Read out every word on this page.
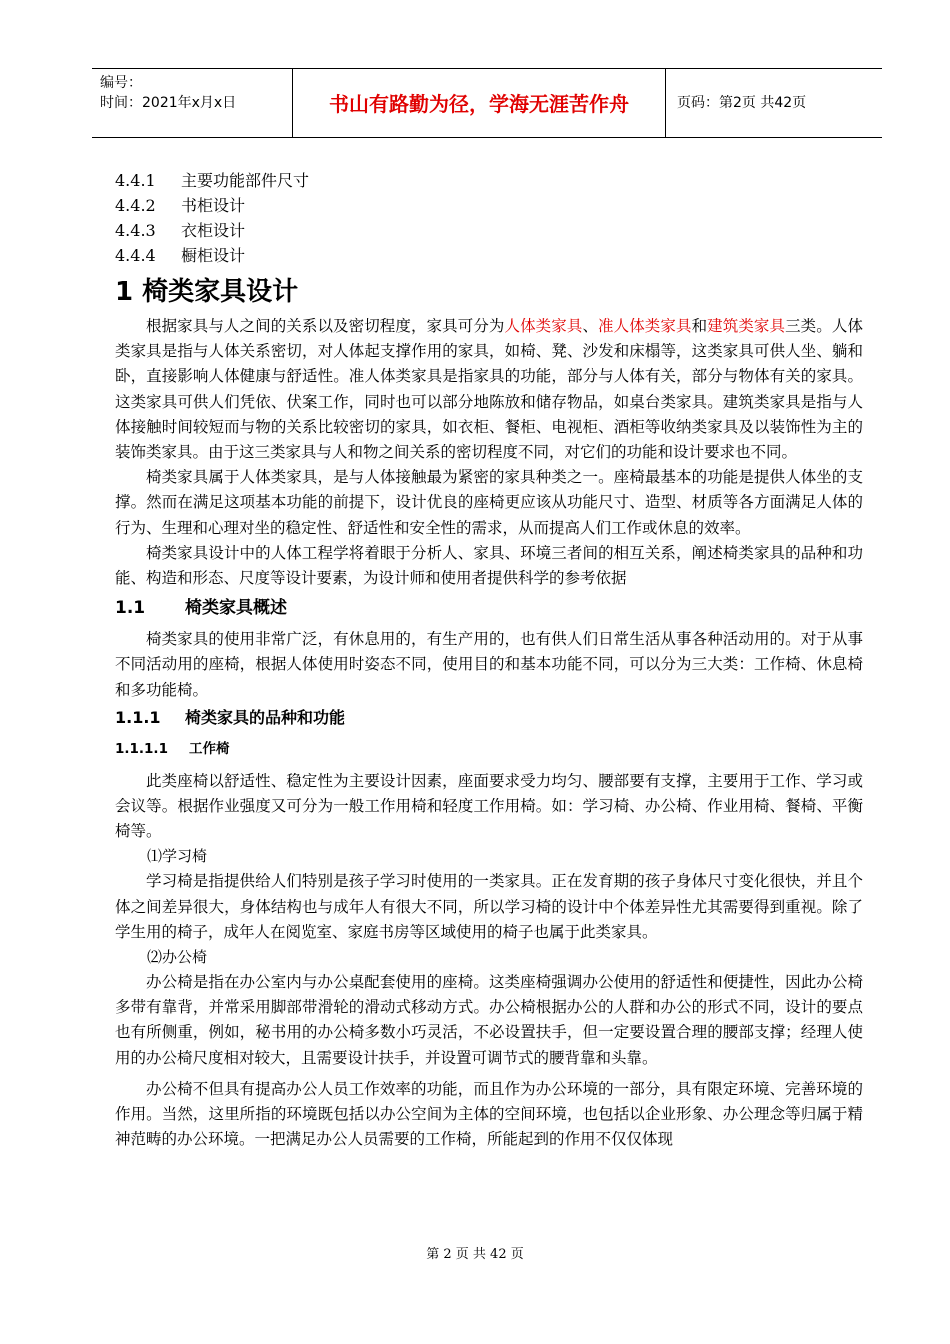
编号：
时间：2021年x月x日	书山有路勤为径，学海无涯苦作舟	页码：第2页 共42页
4.4.1 主要功能部件尺寸
4.4.2 书柜设计
4.4.3 衣柜设计
4.4.4 橱柜设计
1 椅类家具设计

根据家具与人之间的关系以及密切程度，家具可分为人体类家具、准人体类家具和建筑类家具三类。人体类家具是指与人体关系密切，对人体起支撑作用的家具，如椅、凳、沙发和床榻等，这类家具可供人坐、躺和卧，直接影响人体健康与舒适性。准人体类家具是指家具的功能，部分与人体有关，部分与物体有关的家具。这类家具可供人们凭依、伏案工作，同时也可以部分地陈放和储存物品，如桌台类家具。建筑类家具是指与人体接触时间较短而与物的关系比较密切的家具，如衣柜、餐柜、电视柜、酒柜等收纳类家具及以装饰性为主的装饰类家具。由于这三类家具与人和物之间关系的密切程度不同，对它们的功能和设计要求也不同。

椅类家具属于人体类家具，是与人体接触最为紧密的家具种类之一。座椅最基本的功能是提供人体坐的支撑。然而在满足这项基本功能的前提下，设计优良的座椅更应该从功能尺寸、造型、材质等各方面满足人体的行为、生理和心理对坐的稳定性、舒适性和安全性的需求，从而提高人们工作或休息的效率。

椅类家具设计中的人体工程学将着眼于分析人、家具、环境三者间的相互关系，阐述椅类家具的品种和功能、构造和形态、尺度等设计要素，为设计师和使用者提供科学的参考依据

1.1 椅类家具概述

椅类家具的使用非常广泛，有休息用的，有生产用的，也有供人们日常生活从事各种活动用的。对于从事不同活动用的座椅，根据人体使用时姿态不同，使用目的和基本功能不同，可以分为三大类：工作椅、休息椅和多功能椅。

1.1.1 椅类家具的品种和功能
1.1.1.1 工作椅

此类座椅以舒适性、稳定性为主要设计因素，座面要求受力均匀、腰部要有支撑，主要用于工作、学习或会议等。根据作业强度又可分为一般工作用椅和轻度工作用椅。如：学习椅、办公椅、作业用椅、餐椅、平衡椅等。

⑴学习椅

学习椅是指提供给人们特别是孩子学习时使用的一类家具。正在发育期的孩子身体尺寸变化很快，并且个体之间差异很大，身体结构也与成年人有很大不同，所以学习椅的设计中个体差异性尤其需要得到重视。除了学生用的椅子，成年人在阅览室、家庭书房等区域使用的椅子也属于此类家具。

⑵办公椅

办公椅是指在办公室内与办公桌配套使用的座椅。这类座椅强调办公使用的舒适性和便捷性，因此办公椅多带有靠背，并常采用脚部带滑轮的滑动式移动方式。办公椅根据办公的人群和办公的形式不同，设计的要点也有所侧重，例如，秘书用的办公椅多数小巧灵活，不必设置扶手，但一定要设置合理的腰部支撑；经理人使用的办公椅尺度相对较大，且需要设计扶手，并设置可调节式的腰背靠和头靠。

办公椅不但具有提高办公人员工作效率的功能，而且作为办公环境的一部分，具有限定环境、完善环境的作用。当然，这里所指的环境既包括以办公空间为主体的空间环境，也包括以企业形象、办公理念等归属于精神范畴的办公环境。一把满足办公人员需要的工作椅，所能起到的作用不仅仅体现

第 2 页 共 42 页
